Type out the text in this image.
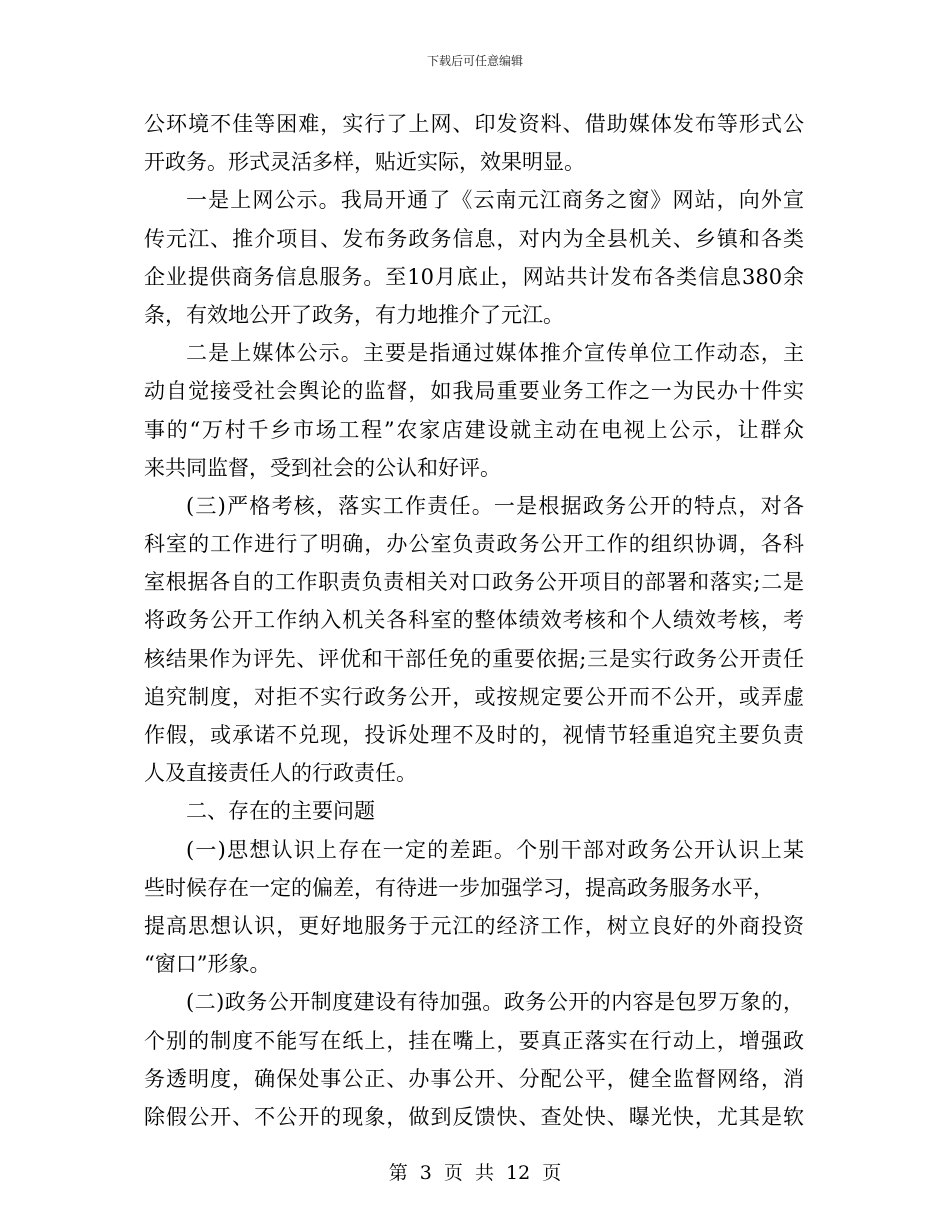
下载后可任意编辑
公环境不佳等困难，实行了上网、印发资料、借助媒体发布等形式公
开政务。形式灵活多样，贴近实际，效果明显。
一是上网公示。我局开通了《云南元江商务之窗》网站，向外宣
传元江、推介项目、发布务政务信息，对内为全县机关、乡镇和各类
企业提供商务信息服务。至10月底止，网站共计发布各类信息380余
条，有效地公开了政务，有力地推介了元江。
二是上媒体公示。主要是指通过媒体推介宣传单位工作动态，主
动自觉接受社会舆论的监督，如我局重要业务工作之一为民办十件实
事的“万村千乡市场工程”农家店建设就主动在电视上公示，让群众
来共同监督，受到社会的公认和好评。
(三)严格考核，落实工作责任。一是根据政务公开的特点，对各
科室的工作进行了明确，办公室负责政务公开工作的组织协调，各科
室根据各自的工作职责负责相关对口政务公开项目的部署和落实;二是
将政务公开工作纳入机关各科室的整体绩效考核和个人绩效考核，考
核结果作为评先、评优和干部任免的重要依据;三是实行政务公开责任
追究制度，对拒不实行政务公开，或按规定要公开而不公开，或弄虚
作假，或承诺不兑现，投诉处理不及时的，视情节轻重追究主要负责
人及直接责任人的行政责任。
二、存在的主要问题
(一)思想认识上存在一定的差距。个别干部对政务公开认识上某
些时候存在一定的偏差，有待进一步加强学习，提高政务服务水平，
提高思想认识，更好地服务于元江的经济工作，树立良好的外商投资
“窗口”形象。
(二)政务公开制度建设有待加强。政务公开的内容是包罗万象的，
个别的制度不能写在纸上，挂在嘴上，要真正落实在行动上，增强政
务透明度，确保处事公正、办事公开、分配公平，健全监督网络，消
除假公开、不公开的现象，做到反馈快、查处快、曝光快，尤其是软
第 3 页 共 12 页
